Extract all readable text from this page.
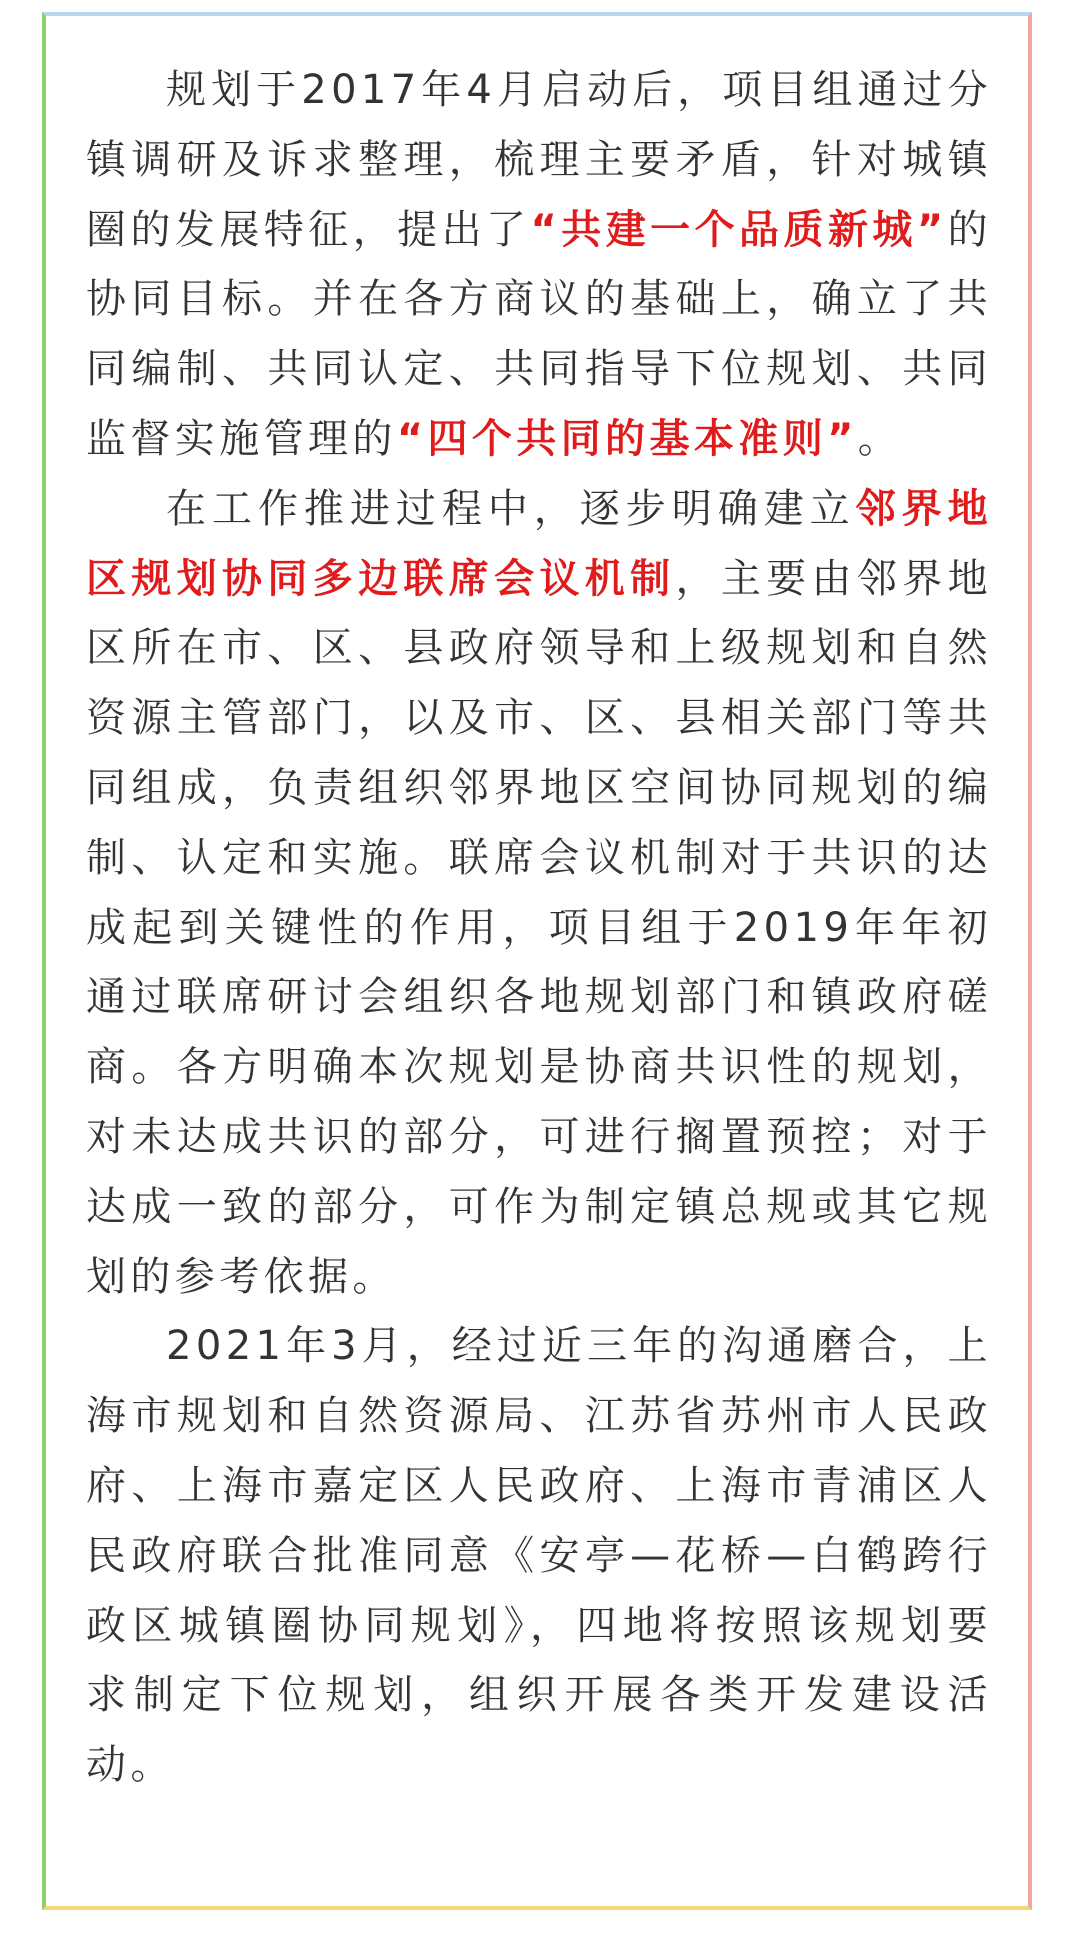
规划于2017年4月启动后，项目组通过分镇调研及诉求整理，梳理主要矛盾，针对城镇圈的发展特征，提出了“共建一个品质新城”的协同目标。并在各方商议的基础上，确立了共同编制、共同认定、共同指导下位规划、共同监督实施管理的“四个共同的基本准则”。

在工作推进过程中，逐步明确建立邻界地区规划协同多边联席会议机制，主要由邻界地区所在市、区、县政府领导和上级规划和自然资源主管部门，以及市、区、县相关部门等共同组成，负责组织邻界地区空间协同规划的编制、认定和实施。联席会议机制对于共识的达成起到关键性的作用，项目组于2019年年初通过联席研讨会组织各地规划部门和镇政府磋商。各方明确本次规划是协商共识性的规划，对未达成共识的部分，可进行搁置预控；对于达成一致的部分，可作为制定镇总规或其它规划的参考依据。

2021年3月，经过近三年的沟通磨合，上海市规划和自然资源局、江苏省苏州市人民政府、上海市嘉定区人民政府、上海市青浦区人民政府联合批准同意《安亭—花桥—白鹤跨行政区城镇圈协同规划》，四地将按照该规划要求制定下位规划，组织开展各类开发建设活动。
